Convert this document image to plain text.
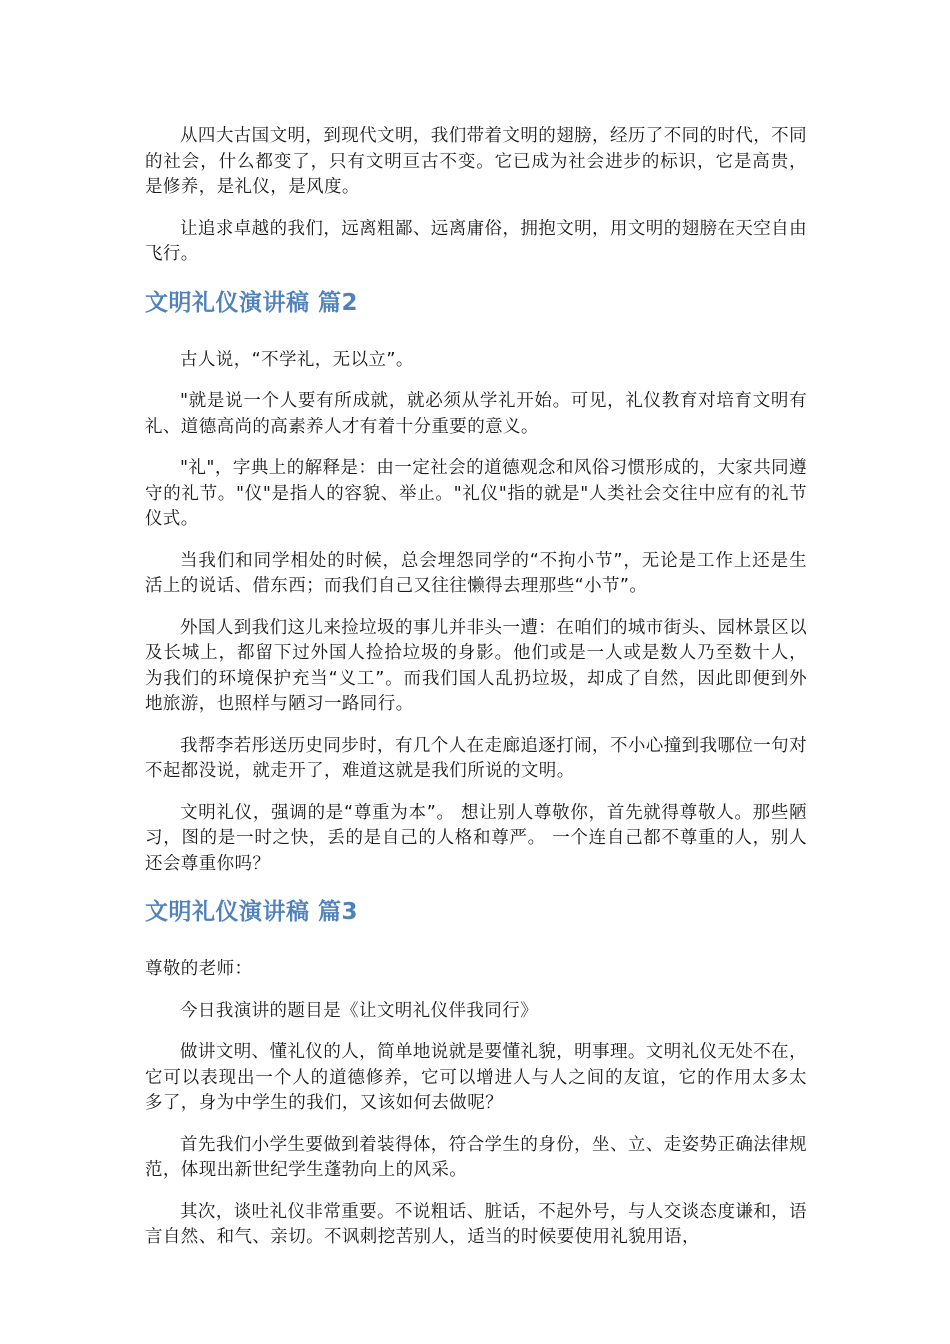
从四大古国文明，到现代文明，我们带着文明的翅膀，经历了不同的时代，不同的社会，什么都变了，只有文明亘古不变。它已成为社会进步的标识，它是高贵，是修养，是礼仪，是风度。

让追求卓越的我们，远离粗鄙、远离庸俗，拥抱文明，用文明的翅膀在天空自由飞行。

文明礼仪演讲稿 篇2

古人说，“不学礼，无以立”。

"就是说一个人要有所成就，就必须从学礼开始。可见，礼仪教育对培育文明有礼、道德高尚的高素养人才有着十分重要的意义。

"礼"，字典上的解释是：由一定社会的道德观念和风俗习惯形成的，大家共同遵守的礼节。"仪"是指人的容貌、举止。"礼仪"指的就是"人类社会交往中应有的礼节仪式。

当我们和同学相处的时候，总会埋怨同学的“不拘小节”，无论是工作上还是生活上的说话、借东西；而我们自己又往往懒得去理那些“小节”。

外国人到我们这儿来捡垃圾的事儿并非头一遭：在咱们的城市街头、园林景区以及长城上，都留下过外国人捡拾垃圾的身影。他们或是一人或是数人乃至数十人，为我们的环境保护充当“义工”。而我们国人乱扔垃圾，却成了自然，因此即便到外地旅游，也照样与陋习一路同行。

我帮李若彤送历史同步时，有几个人在走廊追逐打闹，不小心撞到我哪位一句对不起都没说，就走开了，难道这就是我们所说的文明。

文明礼仪，强调的是“尊重为本”。 想让别人尊敬你，首先就得尊敬人。那些陋习，图的是一时之快，丢的是自己的人格和尊严。 一个连自己都不尊重的人，别人还会尊重你吗？

文明礼仪演讲稿 篇3

尊敬的老师：

今日我演讲的题目是《让文明礼仪伴我同行》

做讲文明、懂礼仪的人，简单地说就是要懂礼貌，明事理。文明礼仪无处不在，它可以表现出一个人的道德修养，它可以增进人与人之间的友谊，它的作用太多太多了，身为中学生的我们，又该如何去做呢？

首先我们小学生要做到着装得体，符合学生的身份，坐、立、走姿势正确法律规范，体现出新世纪学生蓬勃向上的风采。

其次，谈吐礼仪非常重要。不说粗话、脏话，不起外号，与人交谈态度谦和，语言自然、和气、亲切。不讽刺挖苦别人，适当的时候要使用礼貌用语，
